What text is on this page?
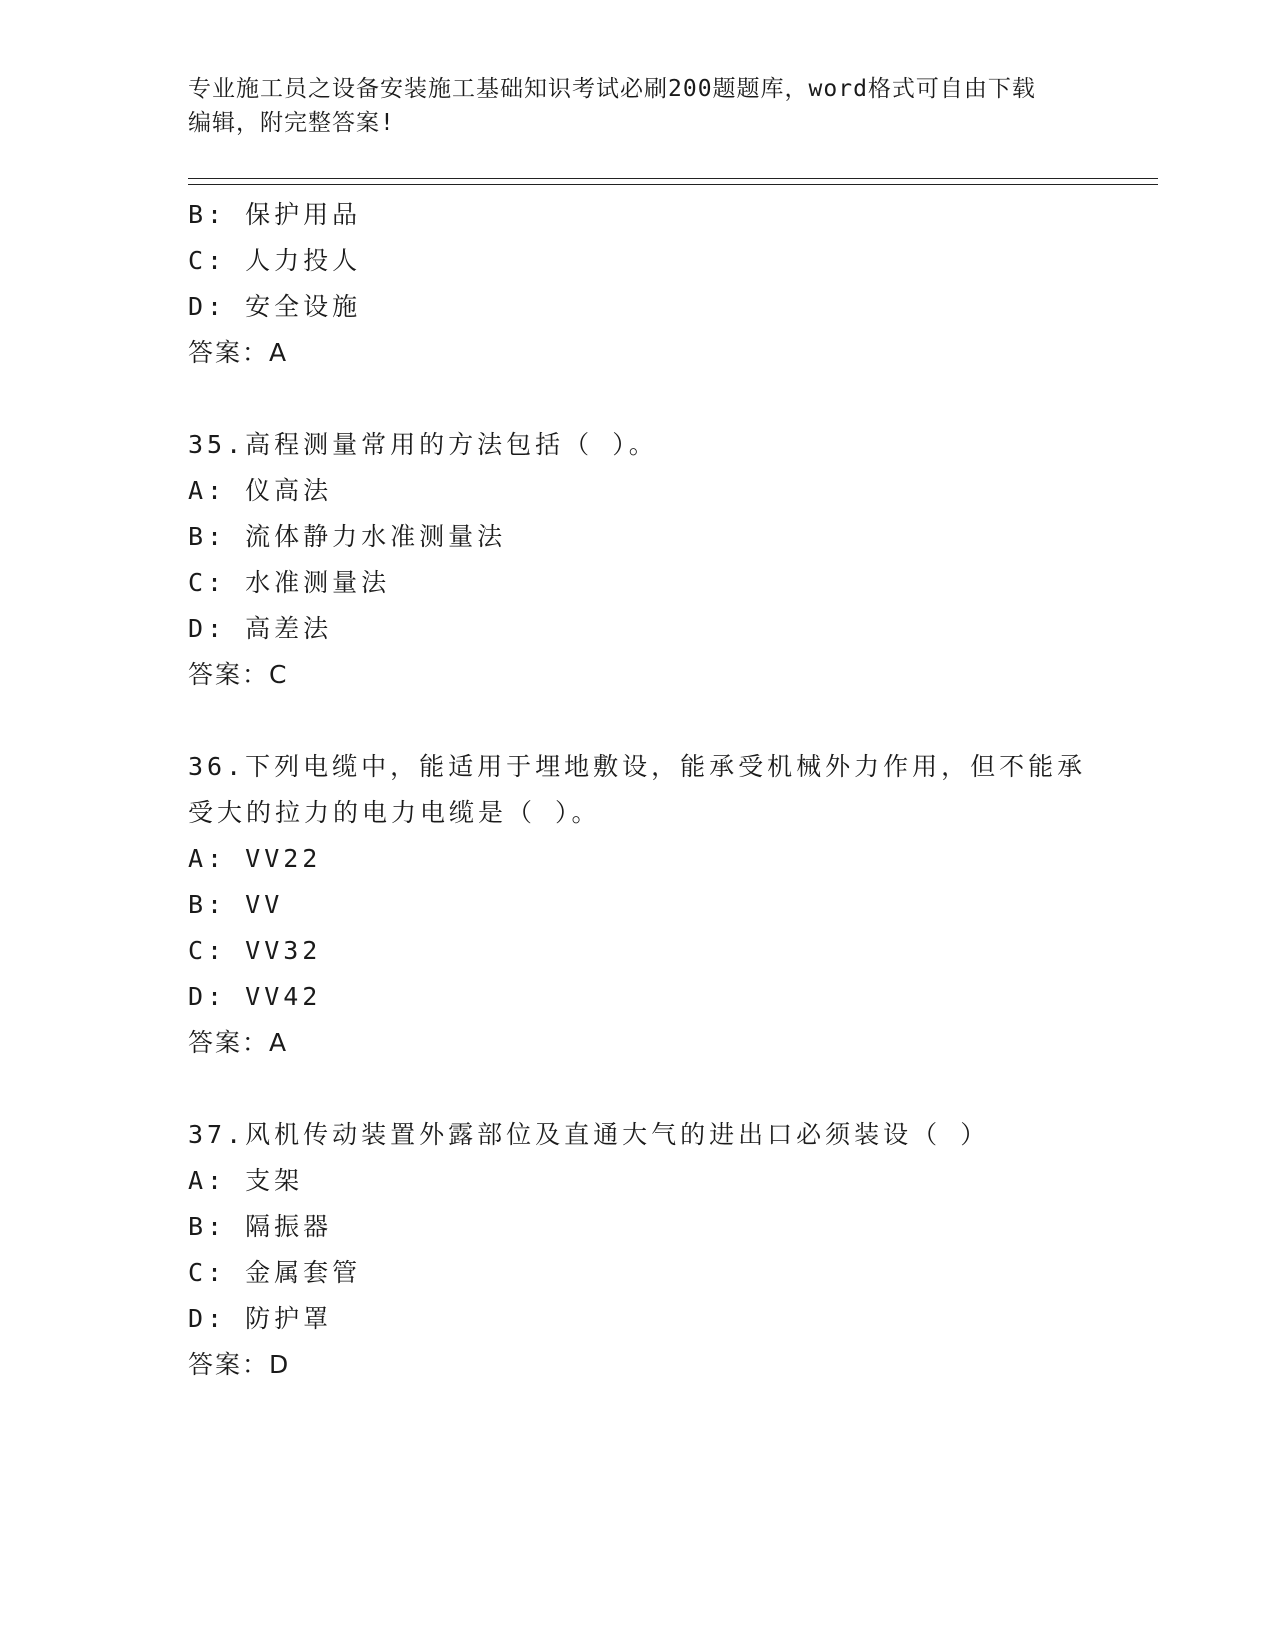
专业施工员之设备安装施工基础知识考试必刷200题题库，word格式可自由下载
编辑，附完整答案!
B: 保护用品
C: 人力投人
D: 安全设施
答案：A
35.高程测量常用的方法包括（ ）。
A: 仪高法
B: 流体静力水准测量法
C: 水准测量法
D: 高差法
答案：C
36.下列电缆中，能适用于埋地敷设，能承受机械外力作用，但不能承
受大的拉力的电力电缆是（ ）。
A: VV22
B: VV
C: VV32
D: VV42
答案：A
37.风机传动装置外露部位及直通大气的进出口必须装设（ ）
A: 支架
B: 隔振器
C: 金属套管
D: 防护罩
答案：D
